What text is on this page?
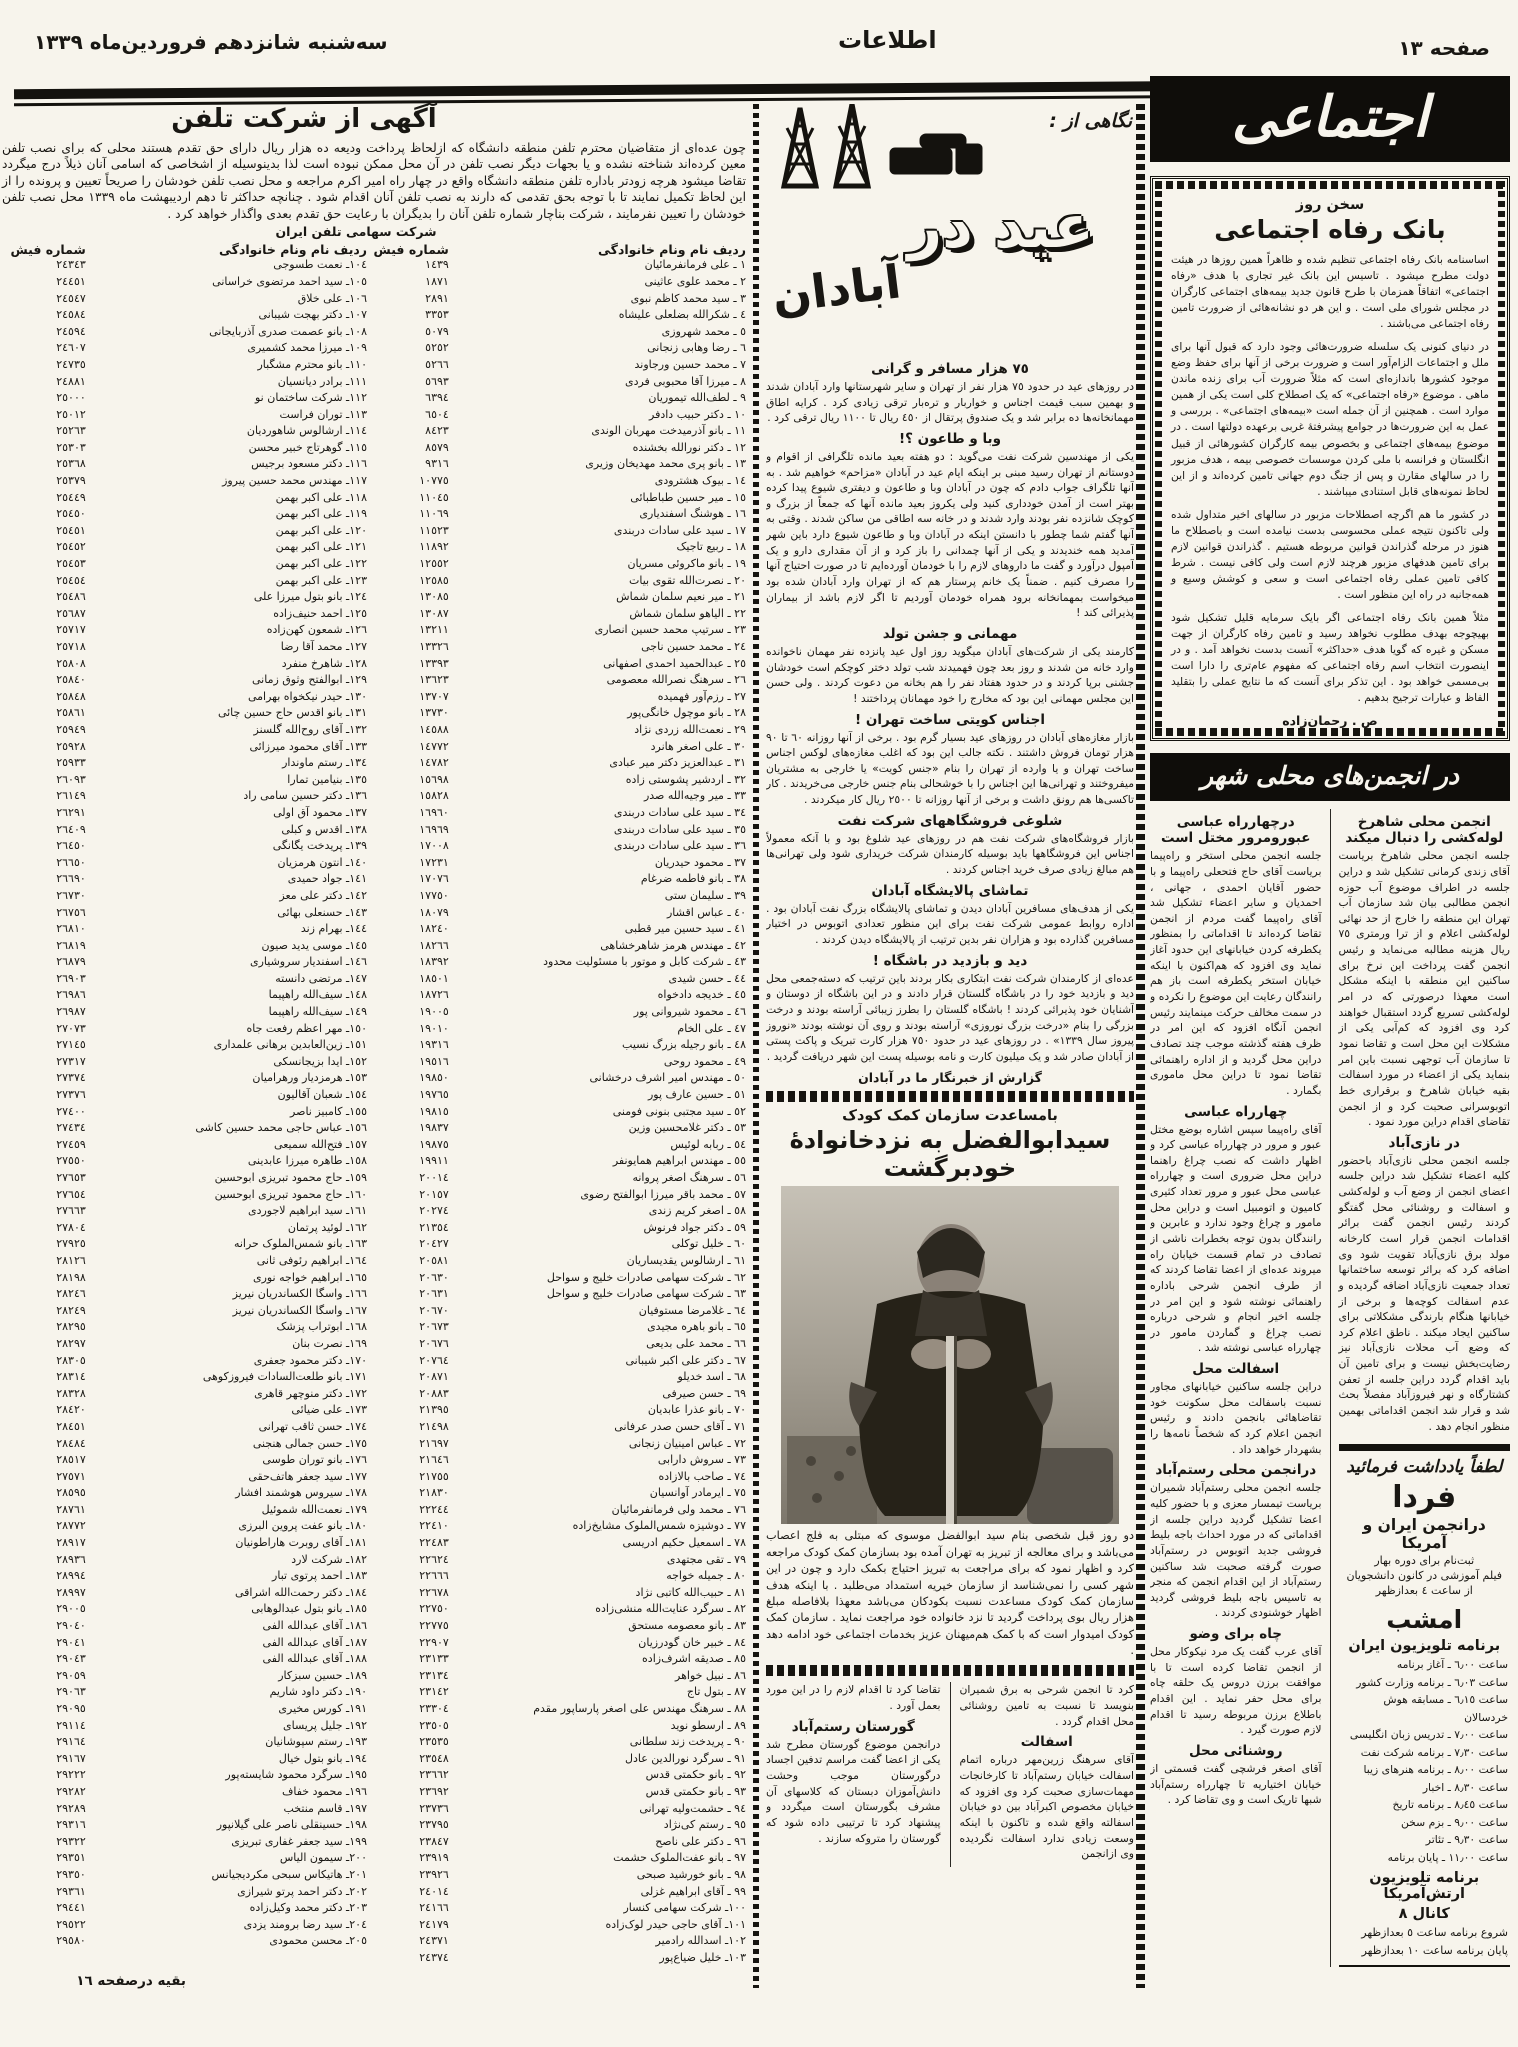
صفحه ۱۳
اطلاعات
سه‌شنبه شانزدهم فروردین‌ماه ۱۳۳۹
آگهی از شرکت تلفن

چون عده‌ای از متقاضیان محترم تلفن منطقه دانشگاه که ازلحاظ پرداخت ودیعه ده هزار ریال دارای حق تقدم هستند محلی که برای نصب تلفن معین کرده‌اند شناخته نشده و یا بجهات دیگر نصب تلفن در آن محل ممکن نبوده است لذا بدینوسیله از اشخاصی که اسامی آنان ذیلاً درج میگردد تقاضا میشود هرچه زودتر باداره تلفن منطقه دانشگاه واقع در چهار راه امیر اکرم مراجعه و محل نصب تلفن خودشان را صریحاً تعیین و پرونده را از این لحاظ تکمیل نمایند تا با توجه بحق تقدمی که دارند به نصب تلفن آنان اقدام شود . چنانچه حداکثر تا دهم اردیبهشت ماه ۱۳۳۹ محل نصب تلفن خودشان را تعیین نفرمایند ، شرکت بناچار شماره تلفن آنان را بدیگران با رعایت حق تقدم بعدی واگذار خواهد کرد .

شرکت سهامی تلفن ایران
ردیف نام ونام خانوادگی
شماره فیش
ردیف نام ونام خانوادگی
شماره فیش
۱ ـ علی فرمانفرمائیان
۱٤۳۹
۱۰٤ـ نعمت طسوجی
۲٤۳٤۳
۲ ـ محمد علوی عاثینی
۱۸۷۱
۱۰٥ـ سید احمد مرتضوی خراسانی
۲٤٤٥۱
۳ ـ سید محمد کاظم نبوی
۲۸۹۱
۱۰٦ـ علی خلاق
۲٤٥٤۷
٤ ـ شکرالله بضلعلی علیشاه
۳۳٥۳
۱۰۷ـ دکتر بهجت شیبانی
۲٤٥۸٤
٥ ـ محمد شهروزی
٥۰۷۹
۱۰۸ـ بانو عصمت صدری آذربایجانی
۲٤٥۹٤
٦ ـ رضا وهابی زنجانی
٥۲٥۲
۱۰۹ـ میرزا محمد کشمیری
۲٤٦۰۷
۷ ـ محمد حسین ورجاوند
٥۲٦٦
۱۱۰ـ بانو محترم مشگبار
۲٤۷۳٥
۸ ـ میرزا آقا محبوبی فردی
٥٦۹۳
۱۱۱ـ برادر دیانسیان
۲٤۸۸۱
۹ ـ لطف‌الله تیموریان
٦۳۹٤
۱۱۲ـ شرکت ساختمان نو
۲٥۰۰۰
۱۰ ـ دکتر حبیب دادفر
٦٥۰٤
۱۱۳ـ توران فراست
۲٥۰۱۲
۱۱ ـ بانو آذرمیدخت مهربان الوندی
۸٤۲۳
۱۱٤ـ ارشالوس شاهوردیان
۲٥۲٦۳
۱۲ ـ دکتر نورالله بخشنده
۸٥۷۹
۱۱٥ـ گوهرتاج خبیر محسن
۲٥۳۰۳
۱۳ ـ بانو پری محمد مهدیخان وزیری
۹۳۱٦
۱۱٦ـ دکتر مسعود برجیس
۲٥۳٦۸
۱٤ ـ بیوک هشترودی
۱۰۷۷٥
۱۱۷ـ مهندس محمد حسین پیروز
۲٥۳۷۹
۱٥ ـ میر حسین طباطبائی
۱۱۰٤٥
۱۱۸ـ علی اکبر بهمن
۲٥٤٤۹
۱٦ ـ هوشنگ اسفندیاری
۱۱۰٦۹
۱۱۹ـ علی اکبر بهمن
۲٥٤٥۰
۱۷ ـ سید علی سادات دربندی
۱۱٥۲۳
۱۲۰ـ علی اکبر بهمن
۲٥٤٥۱
۱۸ ـ ربیع تاجیک
۱۱۸۹۲
۱۲۱ـ علی اکبر بهمن
۲٥٤٥۲
۱۹ ـ بانو ماکروئی مسریان
۱۲٥٥۲
۱۲۲ـ علی اکبر بهمن
۲٥٤٥۳
۲۰ ـ نصرت‌الله تقوی بیات
۱۲٥۸٥
۱۲۳ـ علی اکبر بهمن
۲٥٤٥٤
۲۱ ـ میر نعیم سلمان شماش
۱۳۰۸٥
۱۲٤ـ بانو بتول میرزا علی
۲٥٤۸٦
۲۲ ـ الیاهو سلمان شماش
۱۳۰۸۷
۱۲٥ـ احمد حنیف‌زاده
۲٥٦۸۷
۲۳ ـ سرتیپ محمد حسین انصاری
۱۳۲۱۱
۱۲٦ـ شمعون کهن‌زاده
۲٥۷۱۷
۲٤ ـ محمد حسین ناجی
۱۳۳۲٦
۱۲۷ـ محمد آقا رضا
۲٥۷۱۸
۲٥ ـ عبدالحمید احمدی اصفهانی
۱۳۳۹۳
۱۲۸ـ شاهرخ منفرد
۲٥۸۰۸
۲٦ ـ سرهنگ نصرالله معصومی
۱۳٦۲۳
۱۲۹ـ ابوالفتح وثوق زمانی
۲٥۸٤۰
۲۷ ـ رزم‌آور فهمیده
۱۳۷۰۷
۱۳۰ـ حیدر نیکخواه بهرامی
۲٥۸٤۸
۲۸ ـ بانو موچول خانگی‌پور
۱۳۷۳۰
۱۳۱ـ بانو اقدس حاج حسین چائی
۲٥۸٦۱
۲۹ ـ نعمت‌الله زردی نژاد
۱٤٥۸۸
۱۳۲ـ آقای روح‌الله گلسنز
۲٥۹٤۹
۳۰ ـ علی اصغر هانرد
۱٤۷۷۲
۱۳۳ـ آقای محمود میرزائی
۲٥۹۲۸
۳۱ ـ عبدالعزیز دکتر میر عبادی
۱٤۷۸۲
۱۳٤ـ رستم ماوندار
۲٥۹۳۳
۳۲ ـ اردشیر پشوستی زاده
۱٥٦۹۸
۱۳٥ـ بنیامین تمارا
۲٦۰۹۳
۳۳ ـ میر وجیه‌الله صدر
۱٥۸۲۸
۱۳٦ـ دکتر حسین سامی راد
۲٦۱٤۹
۳٤ ـ سید علی سادات دربندی
۱٦۹٦۰
۱۳۷ـ محمود آق اولی
۲٦۲۹۱
۳٥ ـ سید علی سادات دربندی
۱٦۹٦۹
۱۳۸ـ اقدس و کبلی
۲٦٤۰۹
۳٦ ـ سید علی سادات دربندی
۱۷۰۰۸
۱۳۹ـ پریدخت یگانگی
۲٦٤٥۰
۳۷ ـ محمود حیدریان
۱۷۲۳۱
۱٤۰ـ انتون هرمزیان
۲٦٦٥۰
۳۸ ـ بانو فاطمه ضرغام
۱۷۰۷٦
۱٤۱ـ جواد حمیدی
۲٦٦۹۰
۳۹ ـ سلیمان ستی
۱۷۷٥۰
۱٤۲ـ دکتر علی معز
۲٦۷۳۰
٤۰ ـ عباس اقشار
۱۸۰۷۹
۱٤۳ـ حسنعلی بهائی
۲٦۷٥٦
٤۱ ـ سید حسین میر قطبی
۱۸۲٤۰
۱٤٤ـ بهرام زند
۲٦۸۱۰
٤۲ ـ مهندس هرمز شاهرخشاهی
۱۸۲٦٦
۱٤٥ـ موسی یدید صیون
۲٦۸۱۹
٤۳ ـ شرکت کابل و موتور با مسئولیت محدود
۱۸۳۹۲
۱٤٦ـ اسفندیار سروشیاری
۲٦۸۷۹
٤٤ ـ حسن شیدی
۱۸٥۰۱
۱٤۷ـ مرتضی دانسته
۲٦۹۰۳
٤٥ ـ خدیجه دادخواه
۱۸۷۲٦
۱٤۸ـ سیف‌الله راهپیما
۲٦۹۸٦
٤٦ ـ محمود شیروانی پور
۱۹۰۰٥
۱٤۹ـ سیف‌الله راهپیما
۲٦۹۸۷
٤۷ ـ علی الخام
۱۹۰۱۰
۱٥۰ـ مهر اعظم رفعت جاه
۲۷۰۷۳
٤۸ ـ بانو رجیله بزرگ نسیب
۱۹۳۱٦
۱٥۱ـ زین‌العابدین برهانی علمداری
۲۷۱٤٥
٤۹ ـ محمود روحی
۱۹٥۱٦
۱٥۲ـ ایدا بزیجانسکی
۲۷۳۱۷
٥۰ ـ مهندس امیر اشرف درخشانی
۱۹۸٥۰
۱٥۳ـ هرمزدیار ورهرامیان
۲۷۳۷٤
٥۱ ـ حسین عارف پور
۱۹۷٦٥
۱٥٤ـ شعبان آقالیون
۲۷۳۷٦
٥۲ ـ سید مجتبی بنونی فومنی
۱۹۸۱٥
۱٥٥ـ کامبیز ناصر
۲۷٤۰۰
٥۳ ـ دکتر غلامحسین وزین
۱۹۸۳۷
۱٥٦ـ عباس حاجی محمد حسین کاشی
۲۷٤۳٤
٥٤ ـ ربابه لوئیس
۱۹۸۷٥
۱٥۷ـ فتح‌الله سمیعی
۲۷٤٥۹
٥٥ ـ مهندس ابراهیم همایونفر
۱۹۹۱۱
۱٥۸ـ طاهره میرزا عابدینی
۲۷٥٥۰
٥٦ ـ سرهنگ اصغر پروانه
۲۰۰۱٤
۱٥۹ـ حاج محمود تبریزی ابوحسین
۲۷٦٥۳
٥۷ ـ محمد باقر میرزا ابوالفتح رضوی
۲۰۱٥۷
۱٦۰ـ حاج محمود تبریزی ابوحسین
۲۷٦٥٤
٥۸ ـ اصغر کریم زندی
۲۰۲۷٤
۱٦۱ـ سید ابراهیم لاجوردی
۲۷٦٦۳
٥۹ ـ دکتر جواد فرنوش
۲۱۳٥٤
۱٦۲ـ لوئید پرتمان
۲۷۸۰٤
٦۰ ـ خلیل توکلی
۲۰٤۲۷
۱٦۳ـ بانو شمس‌الملوک حرانه
۲۷۹۲٥
٦۱ ـ ارشالوس یقدیساریان
۲۰٥۸۱
۱٦٤ـ ابراهیم رئوفی ثانی
۲۸۱۲٦
٦۲ ـ شرکت سهامی صادرات خلیج و سواحل
۲۰٦۳۰
۱٦٥ـ ابراهیم خواجه نوری
۲۸۱۹۸
٦۳ ـ شرکت سهامی صادرات خلیج و سواحل
۲۰٦۳۱
۱٦٦ـ واسگا الکساندریان نیریز
۲۸۲٤٦
٦٤ ـ غلامرضا مستوفیان
۲۰٦۷۰
۱٦۷ـ واسگا الکساندریان نیریز
۲۸۲٤۹
٦٥ ـ بانو باهره مجیدی
۲۰٦۷۳
۱٦۸ـ ابوتراب پزشک
۲۸۲۹٥
٦٦ ـ محمد علی بدیعی
۲۰٦۷٦
۱٦۹ـ نصرت بنان
۲۸۲۹۷
٦۷ ـ دکتر علی اکبر شیبانی
۲۰۷٦٤
۱۷۰ـ دکتر محمود جعفری
۲۸۳۰٥
٦۸ ـ اسد خدیلو
۲۰۸۷۱
۱۷۱ـ بانو طلعت‌السادات فیروزکوهی
۲۸۳۱٤
٦۹ ـ حسن صیرفی
۲۰۸۸۳
۱۷۲ـ دکتر منوچهر قاهری
۲۸۳۲۸
۷۰ ـ بانو عذرا عابدیان
۲۱۳۹٥
۱۷۳ـ علی ضیائی
۲۸٤۲۰
۷۱ ـ آقای حسن صدر عرفانی
۲۱٤۹۸
۱۷٤ـ حسن ثاقب تهرانی
۲۸٤٥۱
۷۲ ـ عباس امینیان زنجانی
۲۱٦۹۷
۱۷٥ـ حسن جمالی هنجنی
۲۸٤۸٤
۷۳ ـ سروش دارابی
۲۱٦٤٦
۱۷٦ـ بانو توران طوسی
۲۸٥۱۷
۷٤ ـ صاحب بالازاده
۲۱۷٥٥
۱۷۷ـ سید جعفر هاتف‌حقی
۲۷٥۷۱
۷٥ ـ ایرمادر آوانسیان
۲۱۸۳۰
۱۷۸ـ سیروس هوشمند افشار
۲۸٥۹٥
۷٦ ـ محمد ولی فرمانفرمائیان
۲۲۲٤٤
۱۷۹ـ نعمت‌الله شموئیل
۲۸۷٦۱
۷۷ ـ دوشیزه شمس‌الملوک مشایخ‌زاده
۲۲٤۱۰
۱۸۰ـ بانو عفت پروین البرزی
۲۸۷۷۲
۷۸ ـ اسمعیل حکیم ادریسی
۲۲٤۸۳
۱۸۱ـ آقای روبرت هاراطونیان
۲۸۹۱۷
۷۹ ـ تقی مجتهدی
۲۲٦۲٤
۱۸۲ـ شرکت لارد
۲۸۹۳٦
۸۰ ـ جمیله خواجه
۲۲٦٦٦
۱۸۳ـ احمد پرتوی تبار
۲۸۹۹٤
۸۱ ـ حبیب‌الله کاتبی نژاد
۲۲٦۷۸
۱۸٤ـ دکتر رحمت‌الله اشراقی
۲۸۹۹۷
۸۲ ـ سرگرد عنایت‌الله منشی‌زاده
۲۲۷٥۰
۱۸٥ـ بانو بتول عبدالوهابی
۲۹۰۰٥
۸۳ ـ بانو معصومه مستحق
۲۲۷۷٥
۱۸٦ـ آقای عبدالله الفی
۲۹۰٤۰
۸٤ ـ خبیر خان گودرزیان
۲۲۹۰۷
۱۸۷ـ آقای عبدالله الفی
۲۹۰٤۱
۸٥ ـ صدیقه اشرف‌زاده
۲۳۱۳۳
۱۸۸ـ آقای عبدالله الفی
۲۹۰٤۳
۸٦ ـ نبیل خواهر
۲۳۱۳٤
۱۸۹ـ حسین سبزکار
۲۹۰٥۹
۸۷ ـ بتول تاج
۲۳۱٤۲
۱۹۰ـ دکتر داود شاریم
۲۹۰٦۳
۸۸ ـ سرهنگ مهندس علی اصغر پارساپور مقدم
۲۳۳۰٤
۱۹۱ـ کورس مخیری
۲۹۰۹٥
۸۹ ـ ارسطو نوید
۲۳٥۰٥
۱۹۲ـ جلیل پریسای
۲۹۱۱٤
۹۰ ـ پریدخت زند سلطانی
۲۳٥۳٥
۱۹۳ـ رستم سپوشانیان
۲۹۱٦٤
۹۱ ـ سرگرد نورالدین عادل
۲۳٥٤۸
۱۹٤ـ بانو بتول خیال
۲۹۱٦۷
۹۲ ـ بانو حکمتی قدس
۲۳٦٦۲
۱۹٥ـ سرگرد محمود شایسته‌پور
۲۹۲۲۲
۹۳ ـ بانو حکمتی قدس
۲۳٦۹۲
۱۹٦ـ محمود خفاف
۲۹۲۸۲
۹٤ ـ حشمت‌ولیه تهرانی
۲۳۷۳٦
۱۹۷ـ قاسم منتخب
۲۹۲۸۹
۹٥ ـ رستم کی‌نژاد
۲۳۷۹٥
۱۹۸ـ حسینقلی ناصر علی گیلانپور
۲۹۳۱٦
۹٦ ـ دکتر علی ناصح
۲۳۸٤۷
۱۹۹ـ سید جعفر غفاری تبریزی
۲۹۳۲۲
۹۷ ـ بانو عفت‌الملوک حشمت
۲۳۹۱۹
۲۰۰ـ سیمون الیاس
۲۹۳٥۱
۹۸ ـ بانو خورشید صبحی
۲۳۹۲٦
۲۰۱ـ هاتیکاس سبحی مکردیجیانس
۲۹۳٥۰
۹۹ ـ آقای ابراهیم غزلی
۲٤۰۱٤
۲۰۲ـ دکتر احمد پرتو شیرازی
۲۹۳٦۱
۱۰۰ـ شرکت سهامی کنسار
۲٤۱٦٦
۲۰۳ـ دکتر محمد وکیل‌زاده
۲۹٤٤۱
۱۰۱ـ آقای حاجی حیدر لوک‌زاده
۲٤۱۷۹
۲۰٤ـ سید رضا برومند یزدی
۲۹٥۲۲
۱۰۲ـ اسدالله رادمیر
۲٤۳۷۱
۲۰٥ـ محسن محمودی
۲۹٥۸۰
۱۰۳ـ خلیل ضیاع‌پور
۲٤۳۷٤
بقیه درصفحه ۱٦
نگاهی از :
عید در
آبادان
۷٥ هزار مسافر و گرانی

در روزهای عید در حدود ۷٥ هزار نفر از تهران و سایر شهرستانها وارد آبادان شدند و بهمین سبب قیمت اجناس و خواربار و تره‌بار ترقی زیادی کرد . کرایه اطاق مهمانخانه‌ها ده برابر شد و یک صندوق پرتقال از ٤٥۰ ریال تا ۱۱۰۰ ریال ترقی کرد .

وبا و طاعون ؟!

یکی از مهندسین شرکت نفت می‌گوید : دو هفته بعید مانده تلگرافی از اقوام و دوستانم از تهران رسید مبنی بر اینکه ایام عید در آبادان «مزاحم» خواهیم شد . به آنها تلگراف جواب دادم که چون در آبادان وبا و طاعون و دیفتری شیوع پیدا کرده بهتر است از آمدن خودداری کنید ولی یکروز بعید مانده آنها که جمعاً از بزرگ و کوچک شانزده نفر بودند وارد شدند و در خانه سه اطاقی من ساکن شدند . وقتی به آنها گفتم شما چطور با دانستن اینکه در آبادان وبا و طاعون شیوع دارد باین شهر آمدید همه خندیدند و یکی از آنها چمدانی را باز کرد و از آن مقداری دارو و یک آمپول درآورد و گفت ما داروهای لازم را با خودمان آورده‌ایم تا در صورت احتیاج آنها را مصرف کنیم . ضمناً یک خانم پرستار هم که از تهران وارد آبادان شده بود میخواست بمهمانخانه برود همراه خودمان آوردیم تا اگر لازم باشد از بیماران پذیرائی کند !

مهمانی و جشن تولد

کارمند یکی از شرکت‌های آبادان میگوید روز اول عید پانزده نفر مهمان ناخوانده وارد خانه من شدند و روز بعد چون فهمیدند شب تولد دختر کوچکم است خودشان جشنی برپا کردند و در حدود هفتاد نفر را هم بخانه من دعوت کردند . ولی حسن این مجلس مهمانی این بود که مخارج را خود مهمانان پرداختند !

اجناس کویتی ساخت تهران !

بازار مغازه‌های آبادان در روزهای عید بسیار گرم بود . برخی از آنها روزانه ٦۰ تا ۹۰ هزار تومان فروش داشتند . نکته جالب این بود که اغلب مغازه‌های لوکس اجناس ساخت تهران و یا وارده از تهران را بنام «جنس کویت» یا خارجی به مشتریان میفروختند و تهرانی‌ها این اجناس را با خوشحالی بنام جنس خارجی می‌خریدند . کار تاکسی‌ها هم رونق داشت و برخی از آنها روزانه تا ۲٥۰۰ ریال کار میکردند .

شلوغی فروشگاههای شرکت نفت

بازار فروشگاه‌های شرکت نفت هم در روزهای عید شلوغ بود و با آنکه معمولاً اجناس این فروشگاهها باید بوسیله کارمندان شرکت خریداری شود ولی تهرانی‌ها هم مبالغ زیادی صرف خرید اجناس کردند .

تماشای پالایشگاه آبادان

یکی از هدف‌های مسافرین آبادان دیدن و تماشای پالایشگاه بزرگ نفت آبادان بود . اداره روابط عمومی شرکت نفت برای این منظور تعدادی اتوبوس در اختیار مسافرین گذارده بود و هزاران نفر بدین ترتیب از پالایشگاه دیدن کردند .

دید و بازدید در باشگاه !

عده‌ای از کارمندان شرکت نفت ابتکاری بکار بردند باین ترتیب که دسته‌جمعی محل دید و بازدید خود را در باشگاه گلستان قرار دادند و در این باشگاه از دوستان و آشنایان خود پذیرائی کردند ! باشگاه گلستان را بطرز زیبائی آراسته بودند و درخت بزرگی را بنام «درخت بزرگ نوروزی» آراسته بودند و روی آن نوشته بودند «نوروز پیروز سال ۱۳۳۹» . در روزهای عید در حدود ۷٥۰ هزار کارت تبریک و پاکت پستی از آبادان صادر شد و یک میلیون کارت و نامه بوسیله پست این شهر دریافت گردید .

گزارش از خبرنگار ما در آبادان
بامساعدت سازمان کمک کودک
سیدابوالفضل به نزدخانوادهٔ خودبرگشت

دو روز قبل شخصی بنام سید ابوالفضل موسوی که مبتلی به فلج اعصاب می‌باشد و برای معالجه از تبریز به تهران آمده بود بسازمان کمک کودک مراجعه کرد و اظهار نمود که برای مراجعت به تبریز احتیاج بکمک دارد و چون در این شهر کسی را نمی‌شناسد از سازمان خیریه استمداد می‌طلبد . با اینکه هدف سازمان کمک کودک مساعدت نسبت بکودکان می‌باشد معهذا بلافاصله مبلغ هزار ریال بوی پرداخت گردید تا نزد خانواده خود مراجعت نماید . سازمان کمک کودک امیدوار است که با کمک هم‌میهنان عزیز بخدمات اجتماعی خود ادامه دهد .

کرد تا انجمن شرحی به برق شمیران بنویسد تا نسبت به تامین روشنائی محل اقدام گردد .

اسفالت

آقای سرهنگ زرین‌مهر درباره اتمام اسفالت خیابان رستم‌آباد تا کارخانجات مهمات‌سازی صحبت کرد وی افزود که خیابان مخصوص اکبرآباد بین دو خیابان اسفالته واقع شده و تاکنون با اینکه وسعت زیادی ندارد اسفالت نگردیده وی ازانجمن

تقاضا کرد تا اقدام لازم را در این مورد بعمل آورد .

گورستان رستم‌آباد

درانجمن موضوع گورستان مطرح شد یکی از اعضا گفت مراسم تدفین اجساد درگورستان موجب وحشت دانش‌آموزان دبستان که کلاسهای آن مشرف بگورستان است میگردد و پیشنهاد کرد تا ترتیبی داده شود که گورستان را متروکه سازند .

اجتماعی
سخن روز
بانک رفاه اجتماعی

اساسنامه بانک رفاه اجتماعی تنظیم شده و ظاهراً همین روزها در هیئت دولت مطرح میشود . تاسیس این بانک غیر تجاری با هدف «رفاه اجتماعی» اتفاقاً همزمان با طرح قانون جدید بیمه‌های اجتماعی کارگران در مجلس شورای ملی است . و این هر دو نشانه‌هائی از ضرورت تامین رفاه اجتماعی می‌باشند .

در دنیای کنونی یک سلسله ضرورت‌هائی وجود دارد که قبول آنها برای ملل و اجتماعات الزام‌آور است و ضرورت برخی از آنها برای حفظ وضع موجود کشورها باندازه‌ای است که مثلاً ضرورت آب برای زنده ماندن ماهی . موضوع «رفاه اجتماعی» که یک اصطلاح کلی است یکی از همین موارد است . همچنین از آن جمله است «بیمه‌های اجتماعی» . بررسی و عمل به این ضرورت‌ها در جوامع پیشرفتهٔ غربی برعهده دولتها است . در موضوع بیمه‌های اجتماعی و بخصوص بیمه کارگران کشورهائی از قبیل انگلستان و فرانسه با ملی کردن موسسات خصوصی بیمه ، هدف مزبور را در سالهای مقارن و پس از جنگ دوم جهانی تامین کرده‌اند و از این لحاظ نمونه‌های قابل استنادی میباشند .

در کشور ما هم اگرچه اصطلاحات مزبور در سالهای اخیر متداول شده ولی تاکنون نتیجه عملی محسوسی بدست نیامده است و باصطلاح ما هنوز در مرحله گذراندن قوانین مربوطه هستیم . گذراندن قوانین لازم برای تامین هدفهای مزبور هرچند لازم است ولی کافی نیست . شرط کافی تامین عملی رفاه اجتماعی است و سعی و کوشش وسیع و همه‌جانبه در راه این منظور است .

مثلاً همین بانک رفاه اجتماعی اگر بایک سرمایه قلیل تشکیل شود بهیچوجه بهدف مطلوب نخواهد رسید و تامین رفاه کارگران از جهت مسکن و غیره که گویا هدف «حداکثر» آنست بدست نخواهد آمد . و در اینصورت انتخاب اسم رفاه اجتماعی که مفهوم عام‌تری را دارا است بی‌مسمی خواهد بود . این تذکر برای آنست که ما نتایج عملی را بتقلید الفاظ و عبارات ترجیح بدهیم .

ص . رحمان‌زاده
در انجمن‌های محلی شهر
انجمن محلی شاهرخ لوله‌کشی را دنبال میکند

جلسه انجمن محلی شاهرخ بریاست آقای زندی کرمانی تشکیل شد و دراین جلسه در اطراف موضوع آب حوزه انجمن مطالبی بیان شد سازمان آب تهران این منطقه را خارج از حد نهائی لوله‌کشی اعلام و از ترا ورمتری ۷٥ ریال هزینه مطالبه می‌نماید و رئیس انجمن گفت پرداخت این نرخ برای ساکنین این منطقه با اینکه مشکل است معهذا درصورتی که در امر لوله‌کشی تسریع گردد استقبال خواهند کرد وی افزود که کم‌آبی یکی از مشکلات این محل است و تقاضا نمود تا سازمان آب توجهی نسبت باین امر بنماید یکی از اعضاء در مورد اسفالت بقیه خیابان شاهرخ و برقراری خط اتوبوسرانی صحبت کرد و از انجمن تقاضای اقدام دراین مورد نمود .

در نازی‌آباد

جلسه انجمن محلی نازی‌آباد باحضور کلیه اعضاء تشکیل شد دراین جلسه اعضای انجمن از وضع آب و لوله‌کشی و اسفالت و روشنائی محل گفتگو کردند رئیس انجمن گفت برائر اقدامات انجمن قرار است کارخانه مولد برق نازی‌آباد تقویت شود وی اضافه کرد که برائر توسعه ساختمانها تعداد جمعیت نازی‌آباد اضافه گردیده و عدم اسفالت کوچه‌ها و برخی از خیابانها هنگام بارندگی مشکلاتی برای ساکنین ایجاد میکند . ناطق اعلام کرد که وضع آب محلات نازی‌آباد نیز رضایت‌بخش نیست و برای تامین آن باید اقدام گردد دراین جلسه از تعفن کشتارگاه و نهر فیروزآباد مفصلاً بحث شد و قرار شد انجمن اقداماتی بهمین منظور انجام دهد .

لطفاً یادداشت فرمائید
فردا
درانجمن ایران و آمریکا
ثبت‌نام برای دوره بهار
فیلم آموزشی در کانون دانشجویان
از ساعت ٤ بعدازظهر
امشب
برنامه تلویزیون ایران
ساعت ٦٫۰۰ ـ آغاز برنامه
ساعت ٦٫۰۳ ـ برنامه وزارت کشور
ساعت ٦٫۱٥ ـ مسابقه هوش خردسالان
ساعت ۷٫۰۰ ـ تدریس زبان انگلیسی
ساعت ۷٫۳۰ ـ برنامه شرکت نفت
ساعت ۸٫۰۰ ـ برنامه هنرهای زیبا
ساعت ۸٫۳۰ ـ اخبار
ساعت ۸٫٤٥ ـ برنامه تاریخ
ساعت ۹٫۰۰ ـ بزم سخن
ساعت ۹٫۳۰ ـ تئاتر
ساعت ۱۱٫۰۰ ـ پایان برنامه
برنامه تلویزیون ارتش‌آمریکا
کانال ۸
شروع برنامه ساعت ٥ بعدازظهر
پایان برنامه ساعت ۱۰ بعدازظهر
درچهارراه عباسی عبورومرور مختل است

جلسه انجمن محلی استخر و راه‌پیما بریاست آقای حاج فتحعلی راه‌پیما و با حضور آقایان احمدی ، جهانی ، احمدیان و سایر اعضاء تشکیل شد آقای راه‌پیما گفت مردم از انجمن تقاضا کرده‌اند تا اقداماتی را بمنظور یکطرفه کردن خیابانهای این حدود آغاز نماید وی افزود که هم‌اکنون با اینکه خیابان استخر یکطرفه است باز هم رانندگان رعایت این موضوع را نکرده و در سمت مخالف حرکت مینمایند رئیس انجمن آنگاه افزود که این امر در ظرف هفته گذشته موجب چند تصادف دراین محل گردید و از اداره راهنمائی تقاضا نمود تا دراین محل ماموری بگمارد .

چهارراه عباسی

آقای راه‌پیما سپس اشاره بوضع مختل عبور و مرور در چهارراه عباسی کرد و اظهار داشت که نصب چراغ راهنما دراین محل ضروری است و چهارراه عباسی محل عبور و مرور تعداد کثیری کامیون و اتومبیل است و دراین محل مامور و چراغ وجود ندارد و عابرین و رانندگان بدون توجه بخطرات ناشی از تصادف در تمام قسمت خیابان راه میروند عده‌ای از اعضا تقاضا کردند که از طرف انجمن شرحی باداره راهنمائی نوشته شود و این امر در جلسه اخیر انجام و شرحی درباره نصب چراغ و گماردن مامور در چهارراه عباسی نوشته شد .

اسفالت محل

دراین جلسه ساکنین خیابانهای مجاور نسبت باسفالت محل سکونت خود تقاضاهائی بانجمن دادند و رئیس انجمن اعلام کرد که شخصاً نامه‌ها را بشهردار خواهد داد .

درانجمن محلی رستم‌آباد

جلسه انجمن محلی رستم‌آباد شمیران بریاست تیمسار معزی و با حضور کلیه اعضا تشکیل گردید دراین جلسه از اقداماتی که در مورد احداث باجه بلیط فروشی جدید اتوبوس در رستم‌آباد صورت گرفته صحبت شد ساکنین رستم‌آباد از این اقدام انجمن که منجر به تاسیس باجه بلیط فروشی گردید اظهار خوشنودی کردند .

چاه برای وضو

آقای عرب گفت یک مرد نیکوکار محل از انجمن تقاضا کرده است تا با موافقت برزن دروس یک حلقه چاه برای محل حفر نماید . این اقدام باطلاع برزن مربوطه رسید تا اقدام لازم صورت گیرد .

روشنائی محل

آقای اصغر فرشچی گفت قسمتی از خیابان اختیاریه تا چهارراه رستم‌آباد شبها تاریک است و وی تقاضا کرد .
